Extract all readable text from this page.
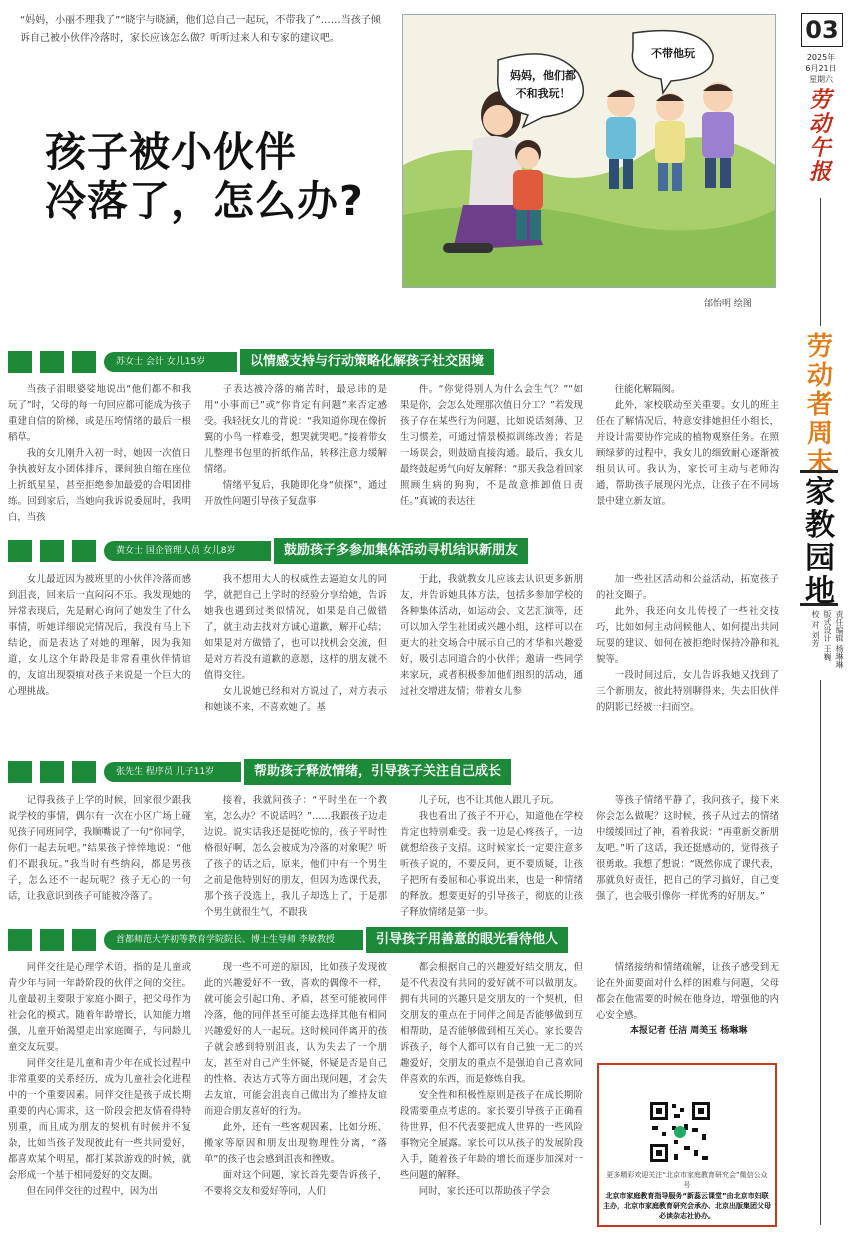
“妈妈，小丽不理我了”“晓宇与晓涵，他们总自己一起玩，不带我了”……当孩子倾诉自己被小伙伴冷落时，家长应该怎么做？听听过来人和专家的建议吧。
孩子被小伙伴
冷落了，怎么办?
妈妈，他们都
不和我玩！
不带他玩
邰怡明 绘图
03
2025年
6月21日
星期六
劳动午报
劳动者周末
家教园地
责任编辑 杨琳琳
版式设计 王巍
校 对 刘芳
苏女士 会计 女儿15岁	以情感支持与行动策略化解孩子社交困境

当孩子泪眼婆娑地说出“他们都不和我玩了”时，父母的每一句回应都可能成为孩子重建自信的阶梯，或是压垮情绪的最后一根稻草。

我的女儿刚升入初一时，她因一次值日争执被好友小团体排斥，课间独自缩在座位上折纸星星，甚至拒绝参加最爱的合唱团排练。回到家后，当她向我诉说委屈时，我明白，当孩

子表达被冷落的痛苦时，最忌讳的是用“小事而已”或“你肯定有问题”来否定感受。我轻抚女儿的背说：“我知道你现在像折翼的小鸟一样难受，想哭就哭吧。”接着带女儿整理书包里的折纸作品，转移注意力缓解情绪。

情绪平复后，我随即化身“侦探”，通过开放性问题引导孩子复盘事

件。“你觉得别人为什么会生气？”“如果是你，会怎么处理那次值日分工？”若发现孩子存在某些行为问题，比如说话刻薄、卫生习惯差，可通过情景模拟训练改善；若是一场误会，则鼓励直接沟通。最后，我女儿最终鼓起勇气向好友解释：“那天我急着回家照顾生病的狗狗，不是故意推卸值日责任。”真诚的表达往

往能化解隔阂。

此外，家校联动至关重要。女儿的班主任在了解情况后，特意安排她担任小组长，并设计需要协作完成的植物观察任务。在照顾绿萝的过程中，我女儿的细致耐心逐渐被组员认可。我认为，家长可主动与老师沟通，帮助孩子展现闪光点，让孩子在不同场景中建立新友谊。

黄女士 国企管理人员 女儿8岁	鼓励孩子多参加集体活动寻机结识新朋友

女儿最近因为被班里的小伙伴冷落而感到沮丧，回来后一直闷闷不乐。我发现她的异常表现后，先是耐心询问了她发生了什么事情，听她详细说完情况后，我没有马上下结论，而是表达了对她的理解，因为我知道，女儿这个年龄段是非常看重伙伴情谊的，友谊出现裂痕对孩子来说是一个巨大的心理挑战。

我不想用大人的权威性去逼迫女儿的同学，就把自己上学时的经验分享给她，告诉她我也遇到过类似情况，如果是自己做错了，就主动去找对方诚心道歉，解开心结；如果是对方做错了，也可以找机会交流，但是对方若没有道歉的意愿，这样的朋友就不值得交往。

女儿说她已经和对方说过了，对方表示和她谈不来，不喜欢她了。基

于此，我就教女儿应该去认识更多新朋友，并告诉她具体方法，包括多参加学校的各种集体活动，如运动会、文艺汇演等，还可以加入学生社团或兴趣小组，这样可以在更大的社交场合中展示自己的才华和兴趣爱好，吸引志同道合的小伙伴；邀请一些同学来家玩，或者积极参加他们组织的活动，通过社交增进友情；带着女儿参

加一些社区活动和公益活动，拓宽孩子的社交圈子。

此外，我还向女儿传授了一些社交技巧，比如如何主动问候他人、如何提出共同玩耍的建议、如何在被拒绝时保持冷静和礼貌等。

一段时间过后，女儿告诉我她又找到了三个新朋友，彼此特别聊得来，失去旧伙伴的阴影已经被一扫而空。

张先生 程序员 儿子11岁	帮助孩子释放情绪，引导孩子关注自己成长

记得我孩子上学的时候，回家很少跟我说学校的事情，偶尔有一次在小区广场上碰见孩子同班同学，我顺嘴说了一句“你同学，你们一起去玩吧。”结果孩子悻悻地说：“他们不跟我玩。”我当时有些纳闷，都是男孩子，怎么还不一起玩呢？孩子无心的一句话，让我意识到孩子可能被冷落了。

接着，我就问孩子：“平时坐在一个教室，怎么办？不说话吗？”……我跟孩子边走边说。说实话我还是挺吃惊的，孩子平时性格很好啊，怎么会被成为冷落的对象呢？听了孩子的话之后，原来，他们中有一个男生之前是他特别好的朋友，但因为选课代表，那个孩子没选上，我儿子却选上了，于是那个男生就很生气，不跟我

儿子玩，也不让其他人跟儿子玩。

我也看出了孩子不开心，知道他在学校肯定也特别难受。我一边是心疼孩子，一边就想给孩子支招。这时候家长一定要注意多听孩子说的，不要反问，更不要质疑，让孩子把所有委屈和心事说出来，也是一种情绪的释放。想要更好的引导孩子，彻底的让孩子释放情绪是第一步。

等孩子情绪平静了，我问孩子，接下来你会怎么做呢？这时候，孩子从过去的情绪中缓缓回过了神，看着我说：“再重新交新朋友吧。”听了这话，我还挺感动的，觉得孩子很勇敢。我想了想说：“既然你成了课代表，那就负好责任，把自己的学习搞好，自己变强了，也会吸引像你一样优秀的好朋友。”

首都师范大学初等教育学院院长、博士生导师 李敏教授	引导孩子用善意的眼光看待他人

同伴交往是心理学术语，指的是儿童或青少年与同一年龄阶段的伙伴之间的交往。儿童最初主要限于家庭小圈子，把父母作为社会化的模式。随着年龄增长，认知能力增强，儿童开始渴望走出家庭圈子，与同龄儿童交友玩耍。

同伴交往是儿童和青少年在成长过程中非常重要的关系经历，成为儿童社会化进程中的一个重要因素。同伴交往是孩子成长期重要的内心需求，这一阶段会把友情看得特别重，而且成为朋友的契机有时候并不复杂，比如当孩子发现彼此有一些共同爱好，都喜欢某个明星，都打某款游戏的时候，就会形成一个基于相同爱好的交友圈。

但在同伴交往的过程中，因为出

现一些不可逆的原因，比如孩子发现彼此的兴趣爱好不一致，喜欢的偶像不一样，就可能会引起口角、矛盾，甚至可能被同伴冷落，他的同伴甚至可能去选择其他有相同兴趣爱好的人一起玩。这时候同伴离开的孩子就会感到特别沮丧，认为失去了一个朋友，甚至对自己产生怀疑，怀疑是否是自己的性格、表达方式等方面出现问题，才会失去友谊，可能会沮丧自己做出为了维持友谊而迎合朋友喜好的行为。

此外，还有一些客观因素，比如分班、搬家等原因和朋友出现物理性分离，“落单”的孩子也会感到沮丧和挫败。

面对这个问题，家长首先要告诉孩子，不要将交友和爱好等同，人们

都会根据自己的兴趣爱好结交朋友，但是不代表没有共同的爱好就不可以做朋友。拥有共同的兴趣只是交朋友的一个契机，但交朋友的重点在于同伴之间是否能够做到互相帮助，是否能够做到相互关心。家长要告诉孩子，每个人都可以有自己独一无二的兴趣爱好，交朋友的重点不是强迫自己喜欢同伴喜欢的东西，而是修炼自我。

安全性和积极性原则是孩子在成长期阶段需要重点考虑的。家长要引导孩子正确看待世界，但不代表要把成人世界的一些风险事物完全展露。家长可以从孩子的发展阶段入手，随着孩子年龄的增长而逐步加深对一些问题的解释。

同时，家长还可以帮助孩子学会

情绪接纳和情绪疏解，让孩子感受到无论在外面要面对什么样的困难与问题，父母都会在他需要的时候在他身边，增强他的内心安全感。

本报记者 任洁 周美玉 杨琳琳
更多精彩欢迎关注“北京市家庭教育研究会”微信公众号
北京市家庭教育指导服务“新蕊云课堂”由北京市妇联主办，北京市家庭教育研究会承办、北京出版集团父母必读杂志社协办。
